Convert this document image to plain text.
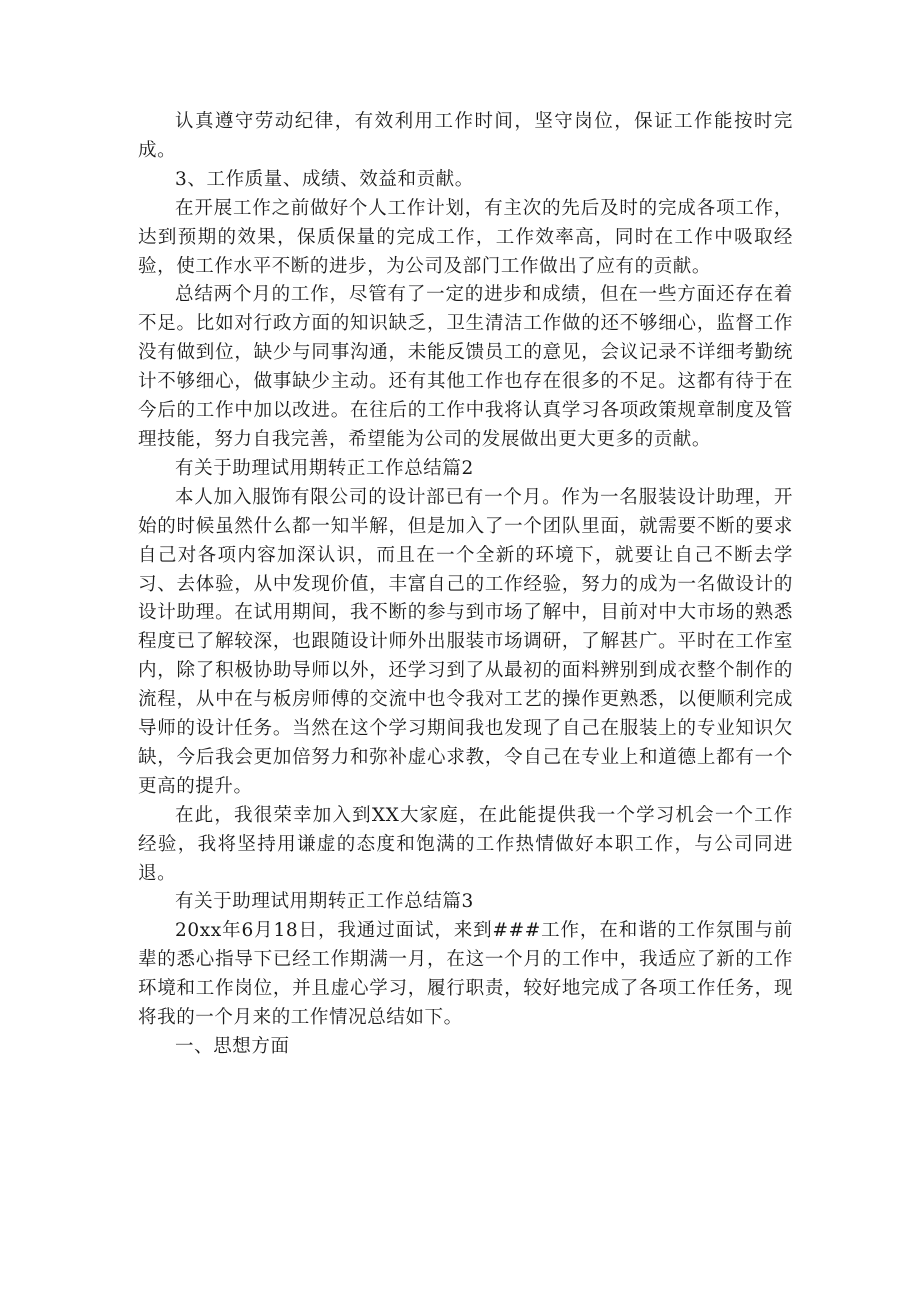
认真遵守劳动纪律，有效利用工作时间，坚守岗位，保证工作能按时完成。

3、工作质量、成绩、效益和贡献。

在开展工作之前做好个人工作计划，有主次的先后及时的完成各项工作，达到预期的效果，保质保量的完成工作，工作效率高，同时在工作中吸取经验，使工作水平不断的进步，为公司及部门工作做出了应有的贡献。

总结两个月的工作，尽管有了一定的进步和成绩，但在一些方面还存在着不足。比如对行政方面的知识缺乏，卫生清洁工作做的还不够细心，监督工作没有做到位，缺少与同事沟通，未能反馈员工的意见，会议记录不详细考勤统计不够细心，做事缺少主动。还有其他工作也存在很多的不足。这都有待于在今后的工作中加以改进。在往后的工作中我将认真学习各项政策规章制度及管理技能，努力自我完善，希望能为公司的发展做出更大更多的贡献。

有关于助理试用期转正工作总结篇2

本人加入服饰有限公司的设计部已有一个月。作为一名服装设计助理，开始的时候虽然什么都一知半解，但是加入了一个团队里面，就需要不断的要求自己对各项内容加深认识，而且在一个全新的环境下，就要让自己不断去学习、去体验，从中发现价值，丰富自己的工作经验，努力的成为一名做设计的设计助理。在试用期间，我不断的参与到市场了解中，目前对中大市场的熟悉程度已了解较深，也跟随设计师外出服装市场调研，了解甚广。平时在工作室内，除了积极协助导师以外，还学习到了从最初的面料辨别到成衣整个制作的流程，从中在与板房师傅的交流中也令我对工艺的操作更熟悉，以便顺利完成导师的设计任务。当然在这个学习期间我也发现了自己在服装上的专业知识欠缺，今后我会更加倍努力和弥补虚心求教，令自己在专业上和道德上都有一个更高的提升。

在此，我很荣幸加入到XX大家庭，在此能提供我一个学习机会一个工作经验，我将坚持用谦虚的态度和饱满的工作热情做好本职工作，与公司同进退。

有关于助理试用期转正工作总结篇3

20xx年6月18日，我通过面试，来到###工作，在和谐的工作氛围与前辈的悉心指导下已经工作期满一月，在这一个月的工作中，我适应了新的工作环境和工作岗位，并且虚心学习，履行职责，较好地完成了各项工作任务，现将我的一个月来的工作情况总结如下。

一、思想方面
